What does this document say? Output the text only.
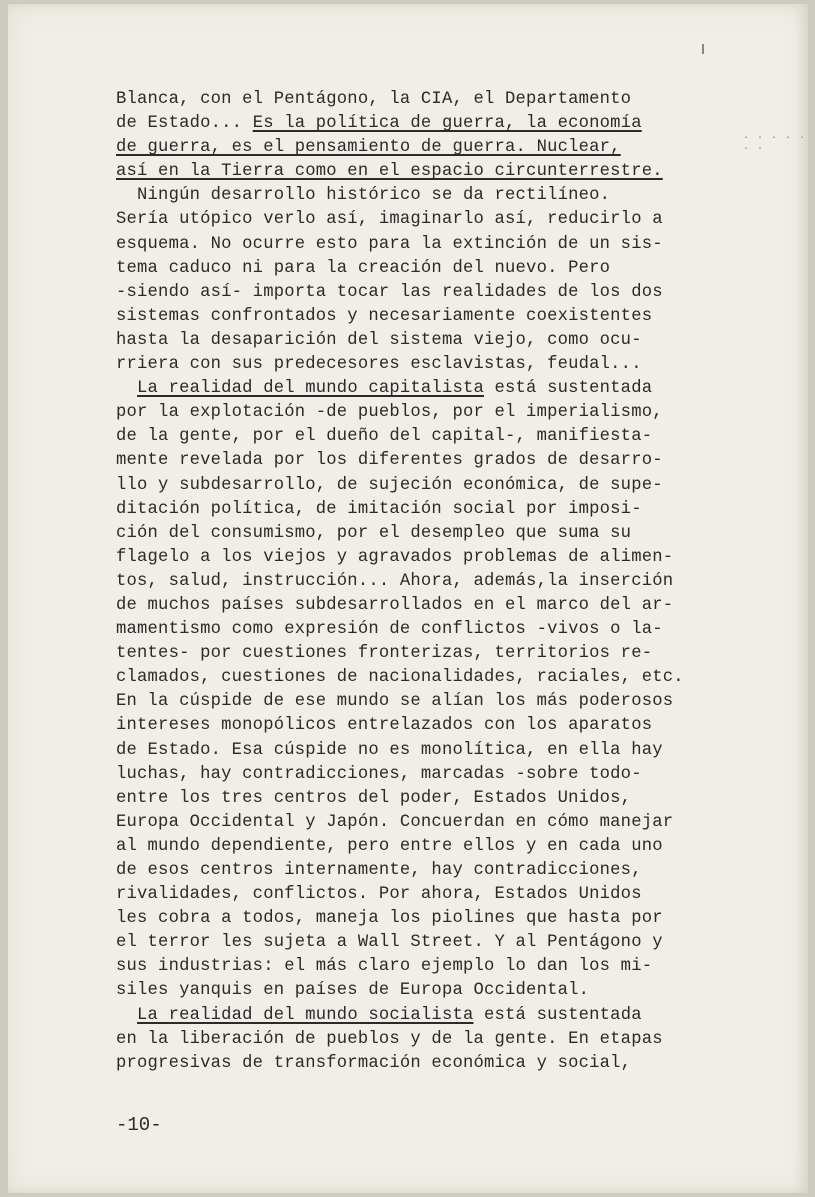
. . . . . . .
Blanca, con el Pentágono, la CIA, el Departamento
de Estado... Es la política de guerra, la economía
de guerra, es el pensamiento de guerra. Nuclear,
así en la Tierra como en el espacio circunterrestre.
Ningún desarrollo histórico se da rectilíneo.
Sería utópico verlo así, imaginarlo así, reducirlo a
esquema. No ocurre esto para la extinción de un sis-
tema caduco ni para la creación del nuevo. Pero
-siendo así- importa tocar las realidades de los dos
sistemas confrontados y necesariamente coexistentes
hasta la desaparición del sistema viejo, como ocu-
rriera con sus predecesores esclavistas, feudal...
La realidad del mundo capitalista está sustentada
por la explotación -de pueblos, por el imperialismo,
de la gente, por el dueño del capital-, manifiesta-
mente revelada por los diferentes grados de desarro-
llo y subdesarrollo, de sujeción económica, de supe-
ditación política, de imitación social por imposi-
ción del consumismo, por el desempleo que suma su
flagelo a los viejos y agravados problemas de alimen-
tos, salud, instrucción... Ahora, además,la inserción
de muchos países subdesarrollados en el marco del ar-
mamentismo como expresión de conflictos -vivos o la-
tentes- por cuestiones fronterizas, territorios re-
clamados, cuestiones de nacionalidades, raciales, etc.
En la cúspide de ese mundo se alían los más poderosos
intereses monopólicos entrelazados con los aparatos
de Estado. Esa cúspide no es monolítica, en ella hay
luchas, hay contradicciones, marcadas -sobre todo-
entre los tres centros del poder, Estados Unidos,
Europa Occidental y Japón. Concuerdan en cómo manejar
al mundo dependiente, pero entre ellos y en cada uno
de esos centros internamente, hay contradicciones,
rivalidades, conflictos. Por ahora, Estados Unidos
les cobra a todos, maneja los piolines que hasta por
el terror les sujeta a Wall Street. Y al Pentágono y
sus industrias: el más claro ejemplo lo dan los mi-
siles yanquis en países de Europa Occidental.
La realidad del mundo socialista está sustentada
en la liberación de pueblos y de la gente. En etapas
progresivas de transformación económica y social,
-10-
